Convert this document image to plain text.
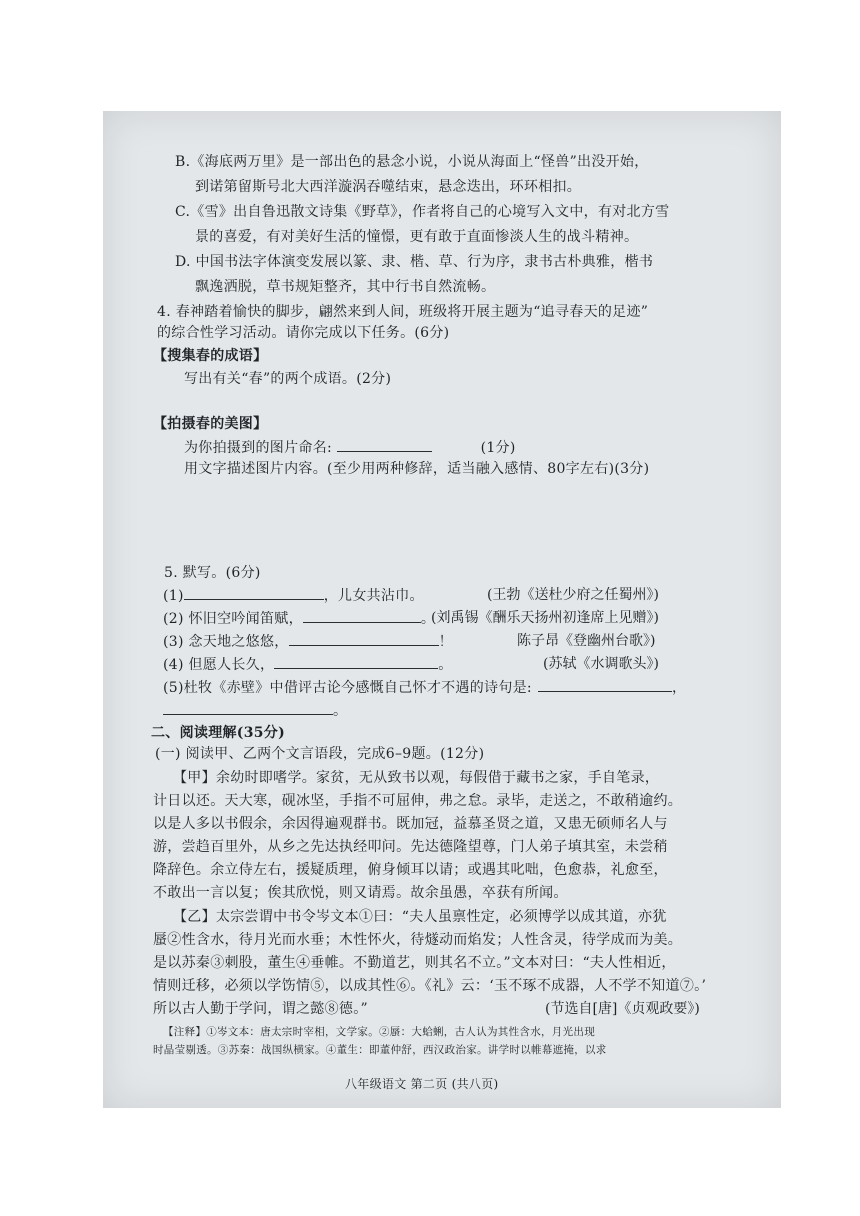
B.《海底两万里》是一部出色的悬念小说，小说从海面上“怪兽”出没开始，
到诺第留斯号北大西洋漩涡吞噬结束，悬念迭出，环环相扣。
C.《雪》出自鲁迅散文诗集《野草》，作者将自己的心境写入文中，有对北方雪
景的喜爱，有对美好生活的憧憬，更有敢于直面惨淡人生的战斗精神。
D. 中国书法字体演变发展以篆、隶、楷、草、行为序，隶书古朴典雅，楷书
飘逸洒脱，草书规矩整齐，其中行书自然流畅。
4. 春神踏着愉快的脚步，翩然来到人间，班级将开展主题为“追寻春天的足迹”
的综合性学习活动。请你完成以下任务。(6分)
【搜集春的成语】
写出有关“春”的两个成语。(2分)
【拍摄春的美图】
为你拍摄到的图片命名:	(1分)
用文字描述图片内容。(至少用两种修辞，适当融入感情、80字左右)(3分)
5. 默写。(6分)
(1)	，儿女共沾巾。	(王勃《送杜少府之任蜀州》)
(2) 怀旧空吟闻笛赋，	。
(刘禹锡《酬乐天扬州初逢席上见赠》)
(3) 念天地之悠悠，	！	陈子昂《登幽州台歌》)
(4) 但愿人长久，	。	(苏轼《水调歌头》)
(5)杜牧《赤壁》中借评古论今感慨自己怀才不遇的诗句是:	，
。
二、阅读理解(35分)
(一) 阅读甲、乙两个文言语段，完成6–9题。(12分)
【甲】余幼时即嗜学。家贫，无从致书以观，每假借于藏书之家，手自笔录，
计日以还。天大寒，砚冰坚，手指不可屈伸，弗之怠。录毕，走送之，不敢稍逾约。
以是人多以书假余，余因得遍观群书。既加冠，益慕圣贤之道，又患无硕师名人与
游，尝趋百里外，从乡之先达执经叩问。先达德隆望尊，门人弟子填其室，未尝稍
降辞色。余立侍左右，援疑质理，俯身倾耳以请；或遇其叱咄，色愈恭，礼愈至，
不敢出一言以复；俟其欣悦，则又请焉。故余虽愚，卒获有所闻。
【乙】太宗尝谓中书令岑文本①曰：“夫人虽禀性定，必须博学以成其道，亦犹
蜃②性含水，待月光而水垂；木性怀火，待燧动而焰发；人性含灵，待学成而为美。
是以苏秦③刺股，董生④垂帷。不勤道艺，则其名不立。”文本对曰：“夫人性相近，
情则迁移，必须以学饬情⑤，以成其性⑥。《礼》云：‘玉不琢不成器，人不学不知道⑦。’
所以古人勤于学问，谓之懿⑧德。”	(节选自[唐]《贞观政要》)
【注释】①岑文本：唐太宗时宰相，文学家。②蜃：大蛤蜊，古人认为其性含水，月光出现
时晶莹剔透。③苏秦：战国纵横家。④董生：即董仲舒，西汉政治家。讲学时以帷幕遮掩，以求
八年级语文 第二页 (共八页)
